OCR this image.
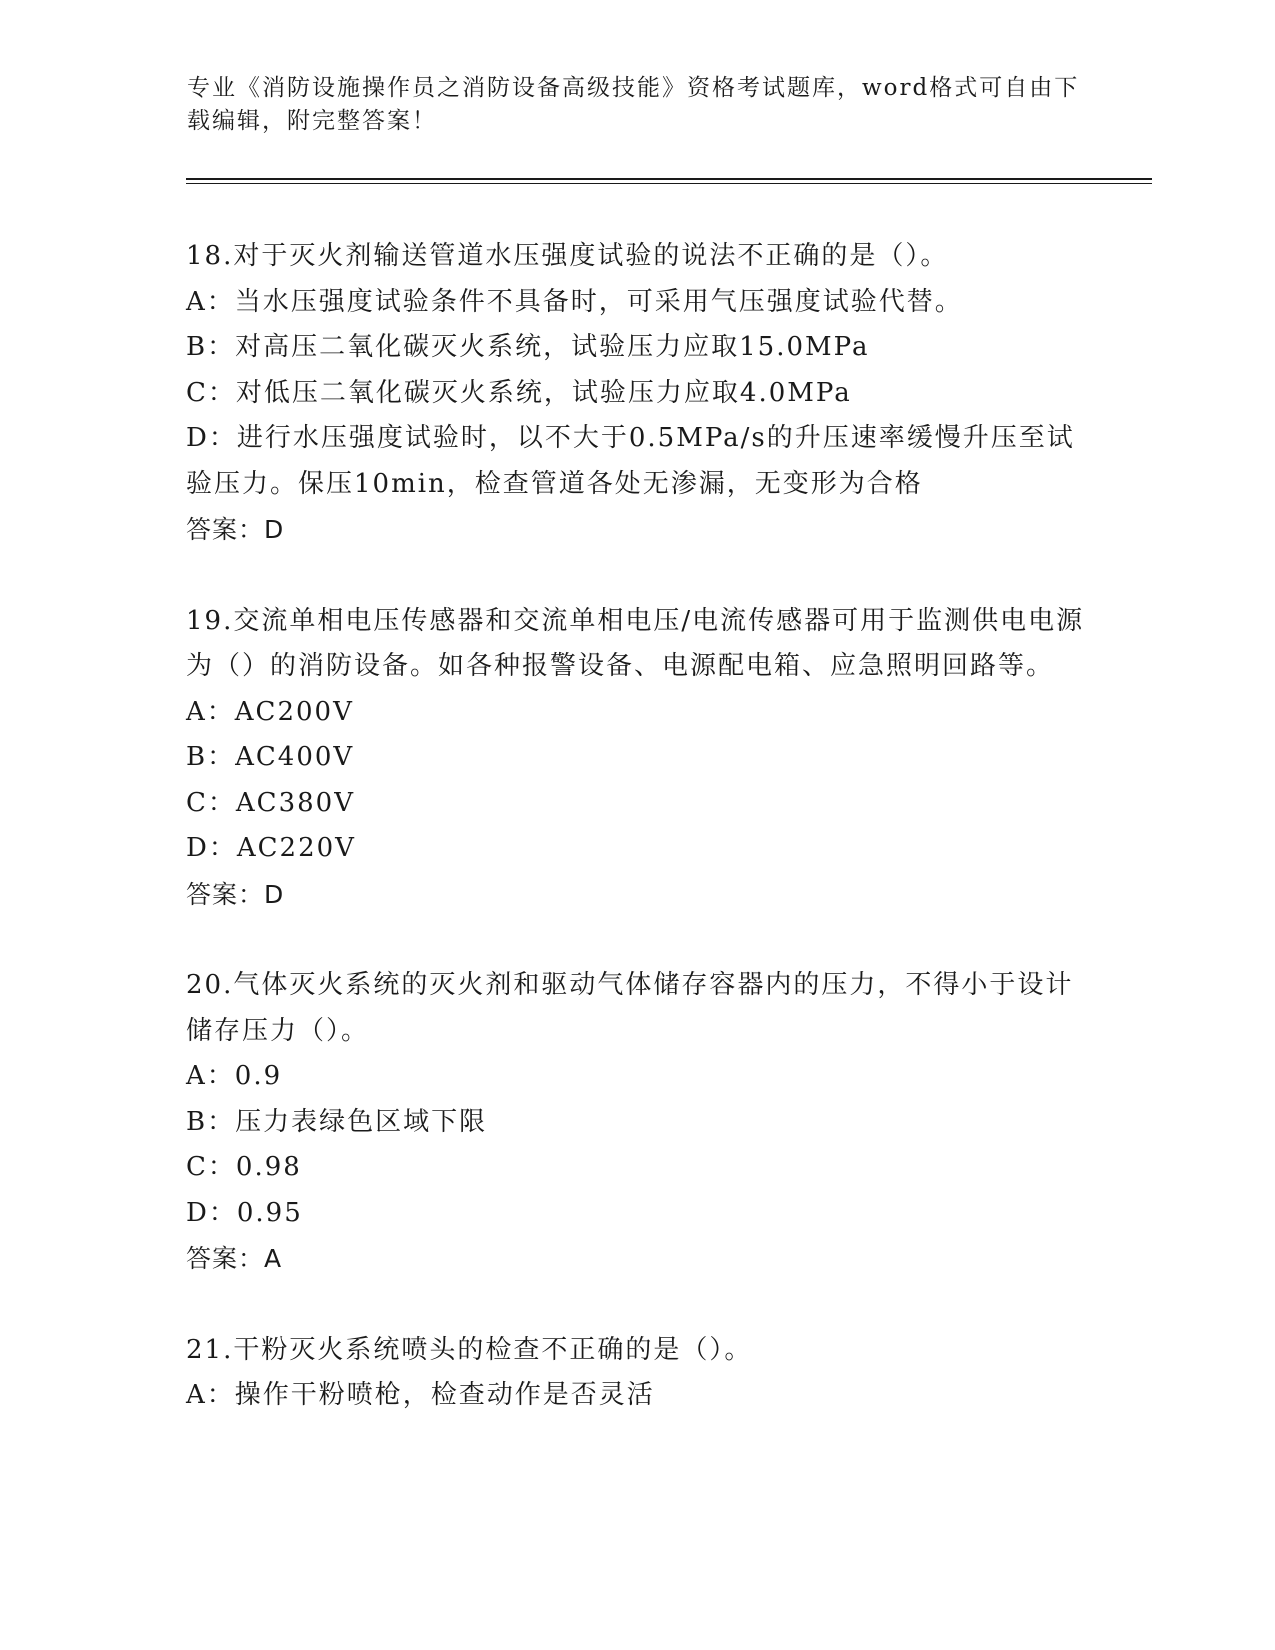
专业《消防设施操作员之消防设备高级技能》资格考试题库，word格式可自由下载编辑，附完整答案！
18.对于灭火剂输送管道水压强度试验的说法不正确的是（）。
A：当水压强度试验条件不具备时，可采用气压强度试验代替。
B：对高压二氧化碳灭火系统，试验压力应取15.0MPa
C：对低压二氧化碳灭火系统，试验压力应取4.0MPa
D：进行水压强度试验时，以不大于0.5MPa/s的升压速率缓慢升压至试验压力。保压10min，检查管道各处无渗漏，无变形为合格
答案：D
19.交流单相电压传感器和交流单相电压/电流传感器可用于监测供电电源为（）的消防设备。如各种报警设备、电源配电箱、应急照明回路等。
A：AC200V
B：AC400V
C：AC380V
D：AC220V
答案：D
20.气体灭火系统的灭火剂和驱动气体储存容器内的压力，不得小于设计储存压力（）。
A：0.9
B：压力表绿色区域下限
C：0.98
D：0.95
答案：A
21.干粉灭火系统喷头的检查不正确的是（）。
A：操作干粉喷枪，检查动作是否灵活
